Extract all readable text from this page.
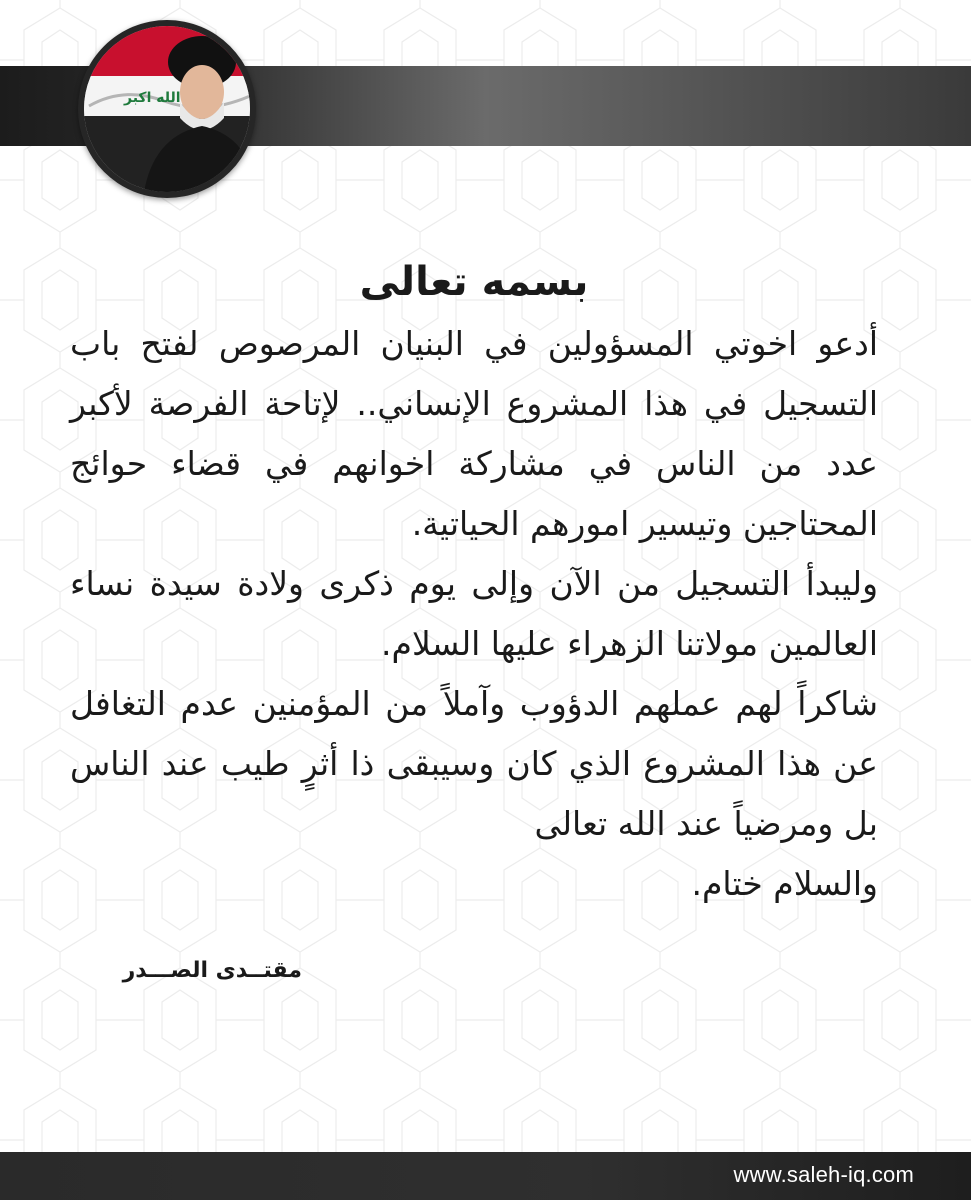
الله اكبر
بسمه تعالى

أدعو اخوتي المسؤولين في البنيان المرصوص لفتح باب التسجيل في هذا المشروع الإنساني.. لإتاحة الفرصة لأكبر عدد من الناس في مشاركة اخوانهم في قضاء حوائج المحتاجين وتيسير امورهم الحياتية.

وليبدأ التسجيل من الآن وإلى يوم ذكرى ولادة سيدة نساء العالمين مولاتنا الزهراء عليها السلام.

شاكراً لهم عملهم الدؤوب وآملاً من المؤمنين عدم التغافل عن هذا المشروع الذي كان وسيبقى ذا أثرٍ طيب عند الناس بل ومرضياً عند الله تعالى

والسلام ختام.

مقتــدى الصـــدر
www.saleh-iq.com
